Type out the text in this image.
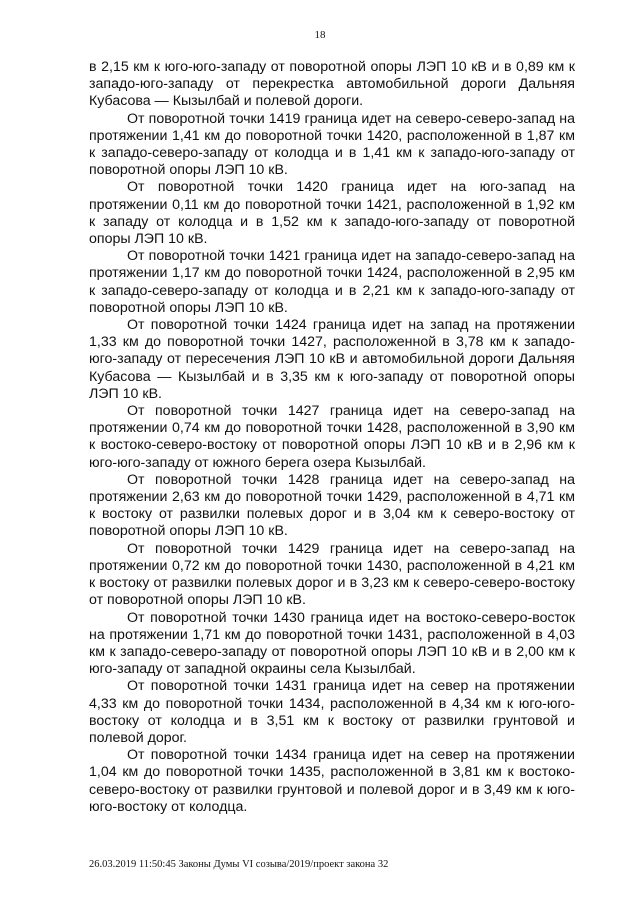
18

в 2,15 км к юго-юго-западу от поворотной опоры ЛЭП 10 кВ и в 0,89 км к западо-юго-западу от перекрестка автомобильной дороги Дальняя Кубасова — Кызылбай и полевой дороги.

От поворотной точки 1419 граница идет на северо-северо-запад на протяжении 1,41 км до поворотной точки 1420, расположенной в 1,87 км к западо-северо-западу от колодца и в 1,41 км к западо-юго-западу от поворотной опоры ЛЭП 10 кВ.

От поворотной точки 1420 граница идет на юго-запад на протяжении 0,11 км до поворотной точки 1421, расположенной в 1,92 км к западу от колодца и в 1,52 км к западо-юго-западу от поворотной опоры ЛЭП 10 кВ.

От поворотной точки 1421 граница идет на западо-северо-запад на протяжении 1,17 км до поворотной точки 1424, расположенной в 2,95 км к западо-северо-западу от колодца и в 2,21 км к западо-юго-западу от поворотной опоры ЛЭП 10 кВ.

От поворотной точки 1424 граница идет на запад на протяжении 1,33 км до поворотной точки 1427, расположенной в 3,78 км к западо-юго-западу от пересечения ЛЭП 10 кВ и автомобильной дороги Дальняя Кубасова — Кызылбай и в 3,35 км к юго-западу от поворотной опоры ЛЭП 10 кВ.

От поворотной точки 1427 граница идет на северо-запад на протяжении 0,74 км до поворотной точки 1428, расположенной в 3,90 км к востоко-северо-востоку от поворотной опоры ЛЭП 10 кВ и в 2,96 км к юго-юго-западу от южного берега озера Кызылбай.

От поворотной точки 1428 граница идет на северо-запад на протяжении 2,63 км до поворотной точки 1429, расположенной в 4,71 км к востоку от развилки полевых дорог и в 3,04 км к северо-востоку от поворотной опоры ЛЭП 10 кВ.

От поворотной точки 1429 граница идет на северо-запад на протяжении 0,72 км до поворотной точки 1430, расположенной в 4,21 км к востоку от развилки полевых дорог и в 3,23 км к северо-северо-востоку от поворотной опоры ЛЭП 10 кВ.

От поворотной точки 1430 граница идет на востоко-северо-восток на протяжении 1,71 км до поворотной точки 1431, расположенной в 4,03 км к западо-северо-западу от поворотной опоры ЛЭП 10 кВ и в 2,00 км к юго-западу от западной окраины села Кызылбай.

От поворотной точки 1431 граница идет на север на протяжении 4,33 км до поворотной точки 1434, расположенной в 4,34 км к юго-юго-востоку от колодца и в 3,51 км к востоку от развилки грунтовой и полевой дорог.

От поворотной точки 1434 граница идет на север на протяжении 1,04 км до поворотной точки 1435, расположенной в 3,81 км к востоко-северо-востоку от развилки грунтовой и полевой дорог и в 3,49 км к юго-юго-востоку от колодца.

26.03.2019 11:50:45 Законы Думы VI созыва/2019/проект закона 32
